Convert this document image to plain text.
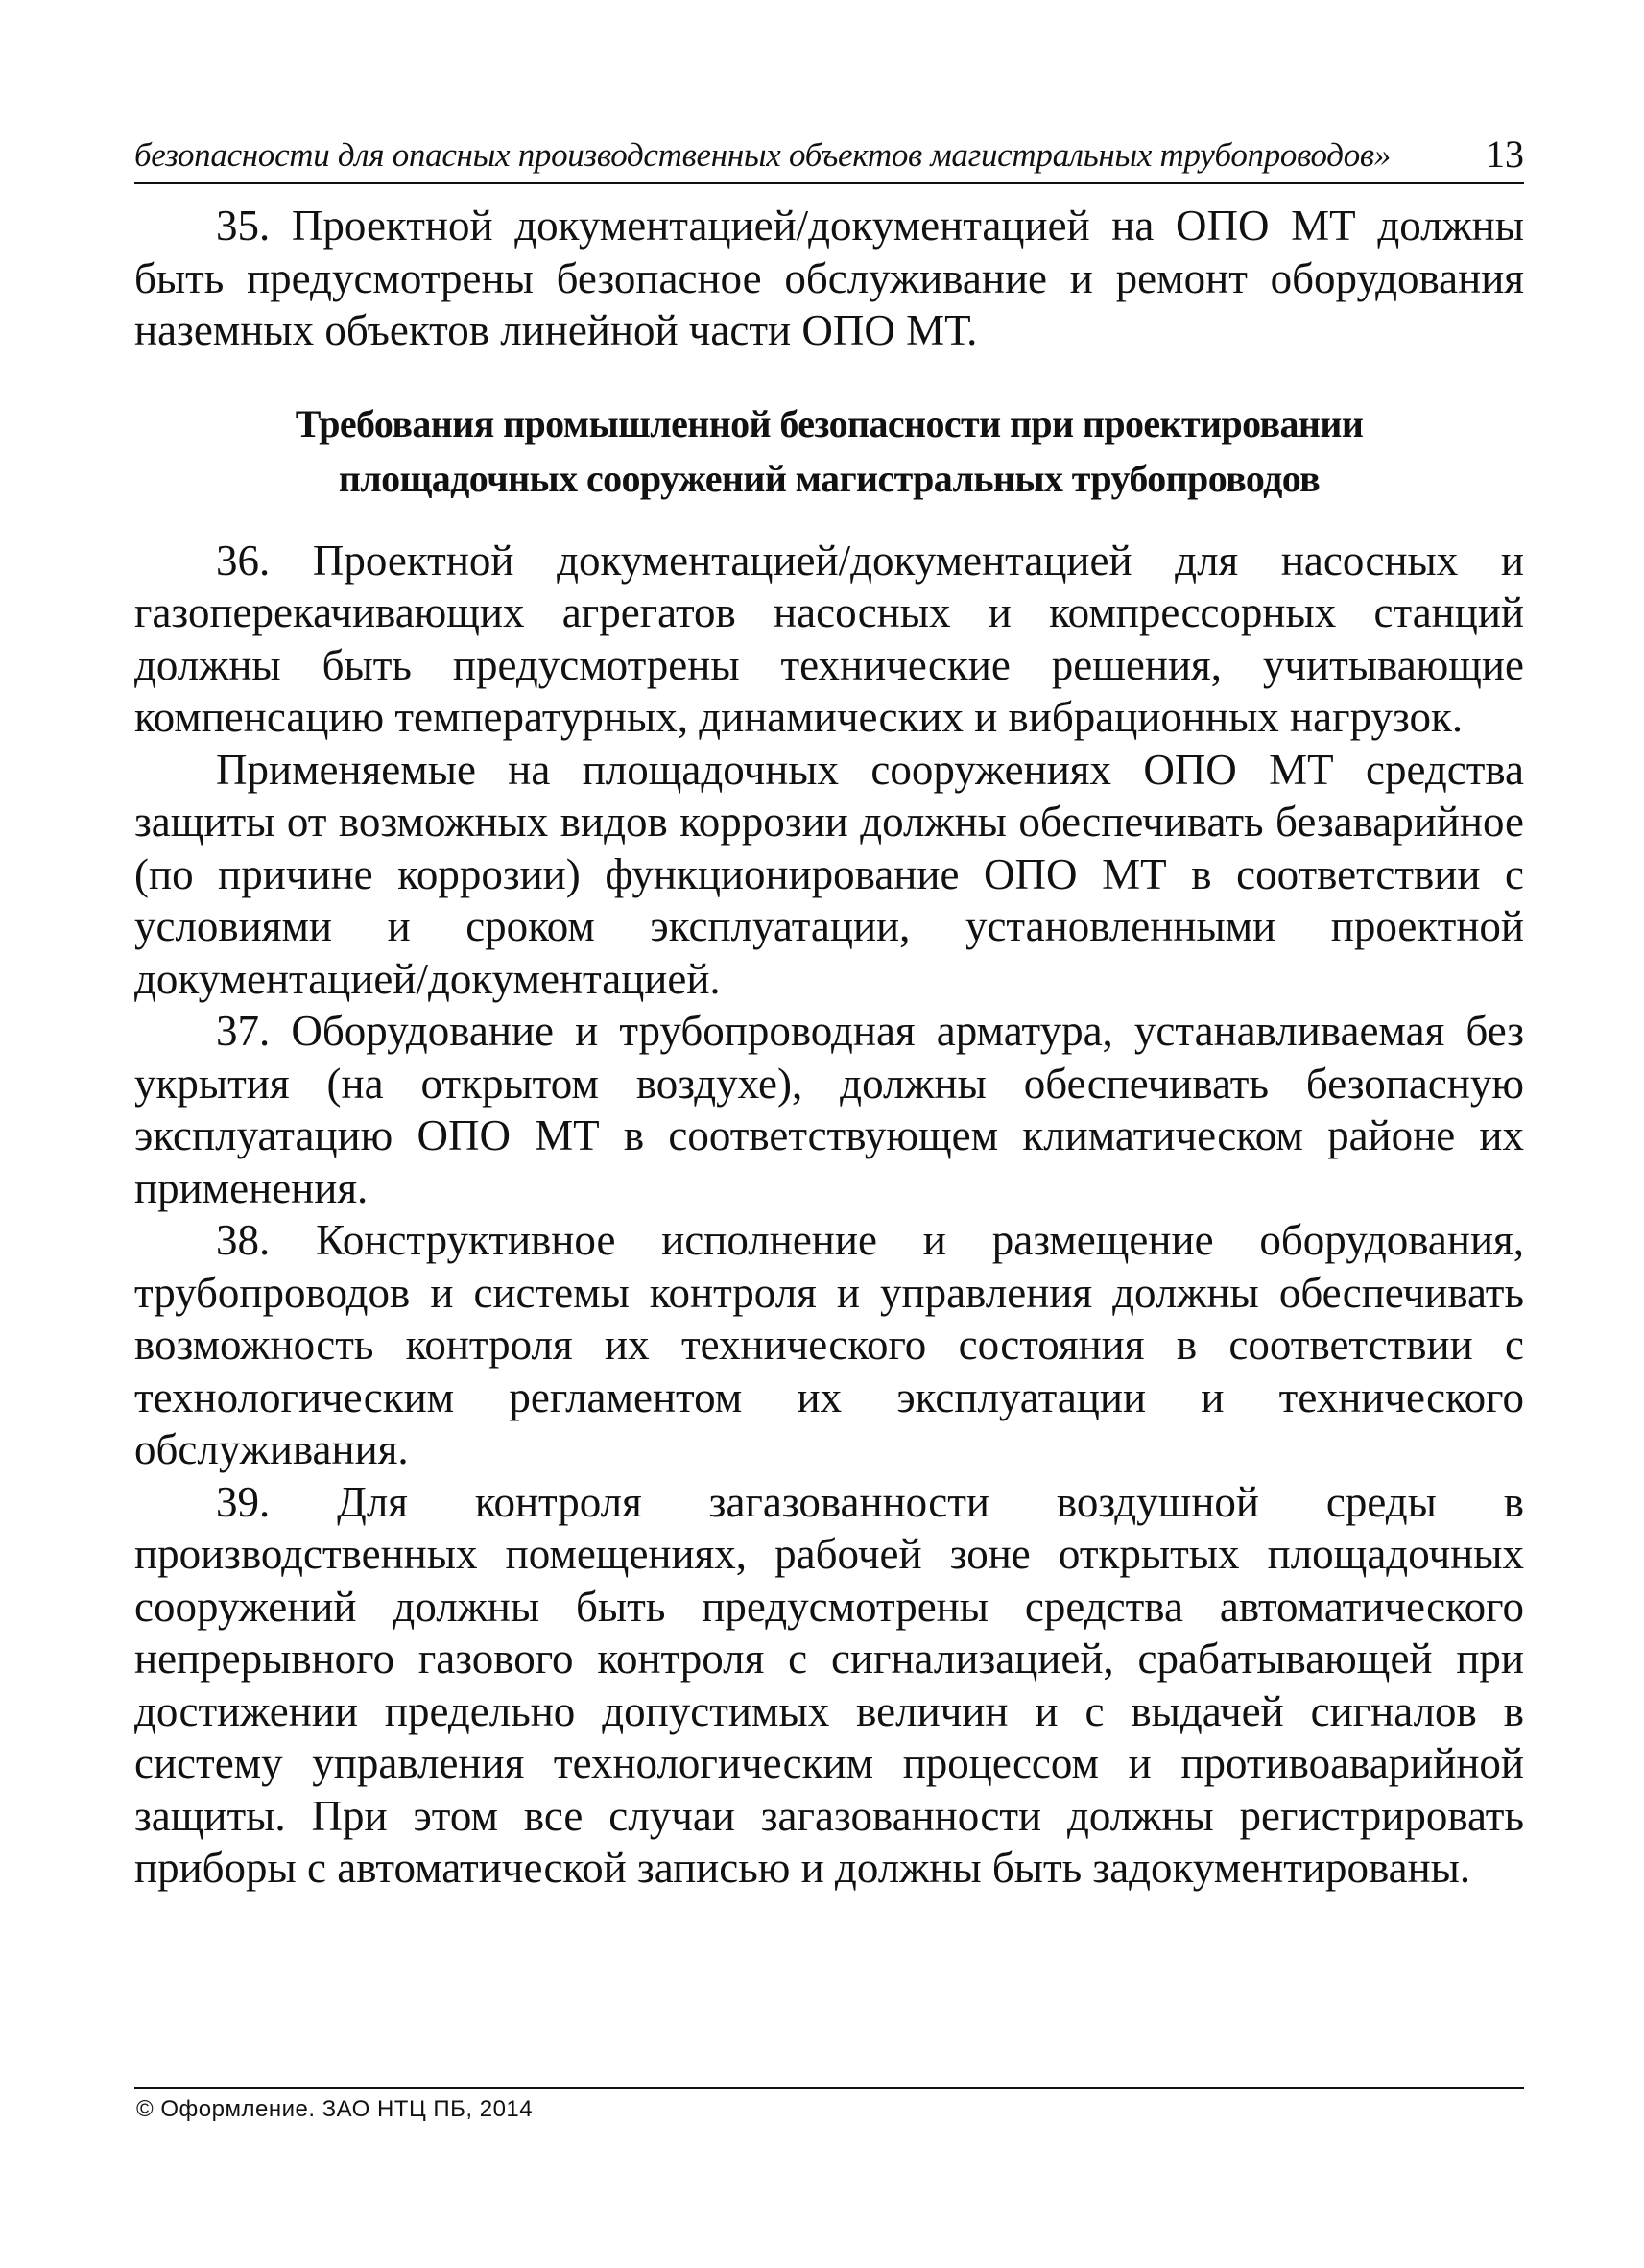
безопасности для опасных производственных объектов магистральных трубопроводов» 13

35. Проектной документацией/документацией на ОПО МТ должны быть предусмотрены безопасное обслуживание и ремонт оборудования наземных объектов линейной части ОПО МТ.

Требования промышленной безопасности при проектировании
площадочных сооружений магистральных трубопроводов

36. Проектной документацией/документацией для насосных и газоперекачивающих агрегатов насосных и компрессорных станций должны быть предусмотрены технические решения, учитывающие компенсацию температурных, динамических и вибрационных нагрузок.

Применяемые на площадочных сооружениях ОПО МТ средства защиты от возможных видов коррозии должны обеспечивать безаварийное (по причине коррозии) функционирование ОПО МТ в соответствии с условиями и сроком эксплуатации, установленными проектной документацией/документацией.

37. Оборудование и трубопроводная арматура, устанавливаемая без укрытия (на открытом воздухе), должны обеспечивать безопасную эксплуатацию ОПО МТ в соответствующем климатическом районе их применения.

38. Конструктивное исполнение и размещение оборудования, трубопроводов и системы контроля и управления должны обеспечивать возможность контроля их технического состояния в соответствии с технологическим регламентом их эксплуатации и технического обслуживания.

39. Для контроля загазованности воздушной среды в производственных помещениях, рабочей зоне открытых площадочных сооружений должны быть предусмотрены средства автоматического непрерывного газового контроля с сигнализацией, срабатывающей при достижении предельно допустимых величин и с выдачей сигналов в систему управления технологическим процессом и противоаварийной защиты. При этом все случаи загазованности должны регистрировать приборы с автоматической записью и должны быть задокументированы.

© Оформление. ЗАО НТЦ ПБ, 2014
